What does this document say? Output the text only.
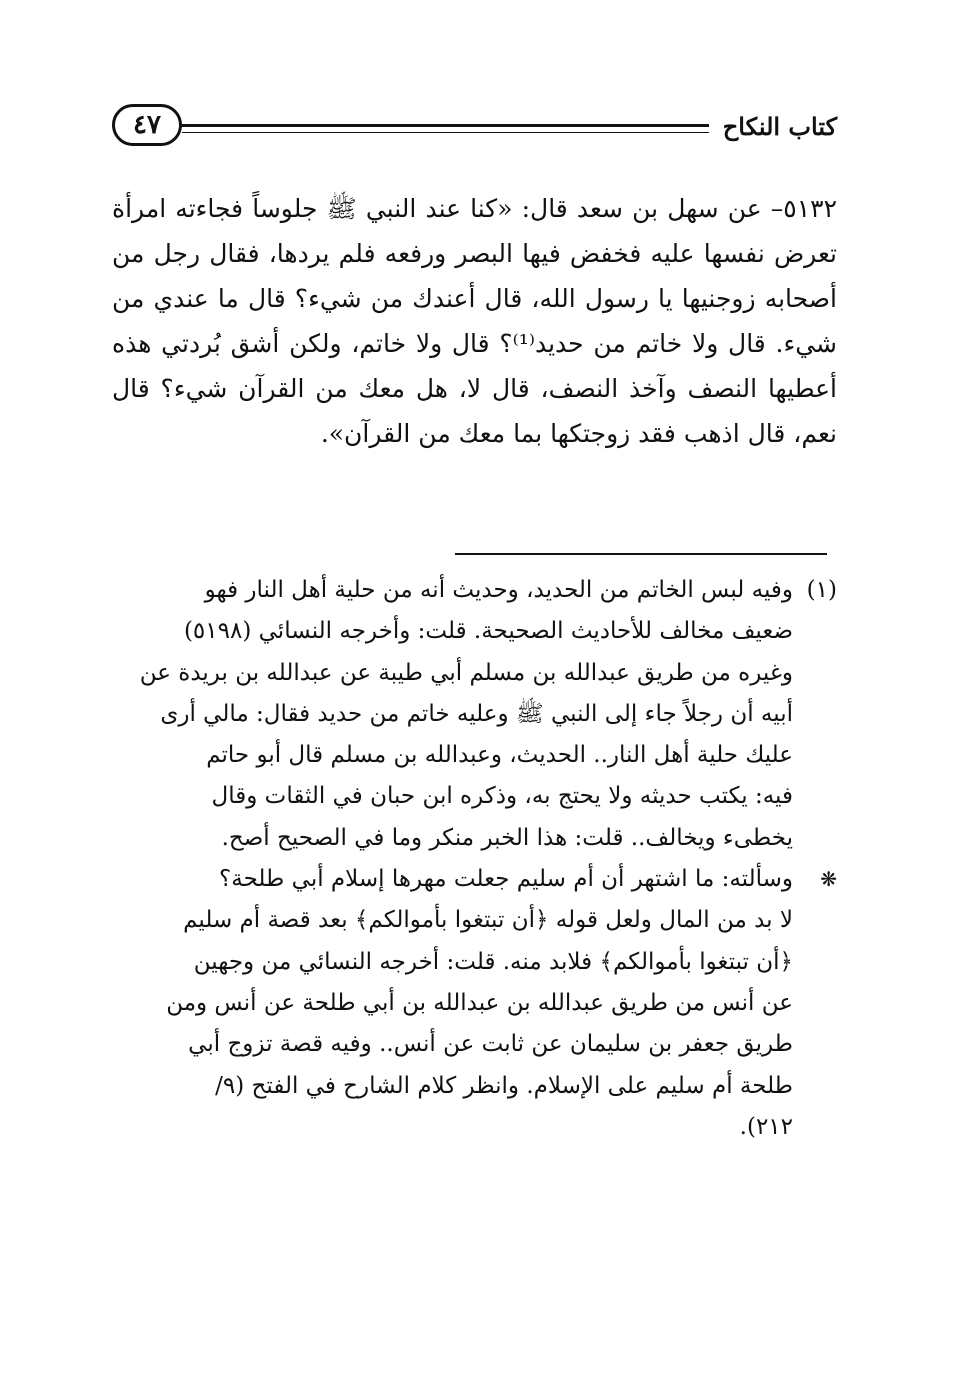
كتاب النكاح
٤٧

٥١٣٢– عن سهل بن سعد قال: «كنا عند النبي ﷺ جلوساً فجاءته امرأة تعرض نفسها عليه فخفض فيها البصر ورفعه فلم يردها، فقال رجل من أصحابه زوجنيها يا رسول الله، قال أعندك من شيء؟ قال ما عندي من شيء. قال ولا خاتم من حديد⁽¹⁾؟ قال ولا خاتم، ولكن أشق بُردتي هذه أعطيها النصف وآخذ النصف، قال لا، هل معك من القرآن شيء؟ قال نعم، قال اذهب فقد زوجتكها بما معك من القرآن».

(١)وفيه لبس الخاتم من الحديد، وحديث أنه من حلية أهل النار فهو
ضعيف مخالف للأحاديث الصحيحة. قلت: وأخرجه النسائي (٥١٩٨)
وغيره من طريق عبدالله بن مسلم أبي طيبة عن عبدالله بن بريدة عن
أبيه أن رجلاً جاء إلى النبي ﷺ وعليه خاتم من حديد فقال: مالي أرى
عليك حلية أهل النار.. الحديث، وعبدالله بن مسلم قال أبو حاتم
فيه: يكتب حديثه ولا يحتج به، وذكره ابن حبان في الثقات وقال
يخطىء ويخالف.. قلت: هذا الخبر منكر وما في الصحيح أصح.
❋وسألته: ما اشتهر أن أم سليم جعلت مهرها إسلام أبي طلحة؟
لا بد من المال ولعل قوله ﴿أن تبتغوا بأموالكم﴾ بعد قصة أم سليم
﴿أن تبتغوا بأموالكم﴾ فلابد منه. قلت: أخرجه النسائي من وجهين
عن أنس من طريق عبدالله بن عبدالله بن أبي طلحة عن أنس ومن
طريق جعفر بن سليمان عن ثابت عن أنس.. وفيه قصة تزوج أبي
طلحة أم سليم على الإسلام. وانظر كلام الشارح في الفتح (٩/
٢١٢).
